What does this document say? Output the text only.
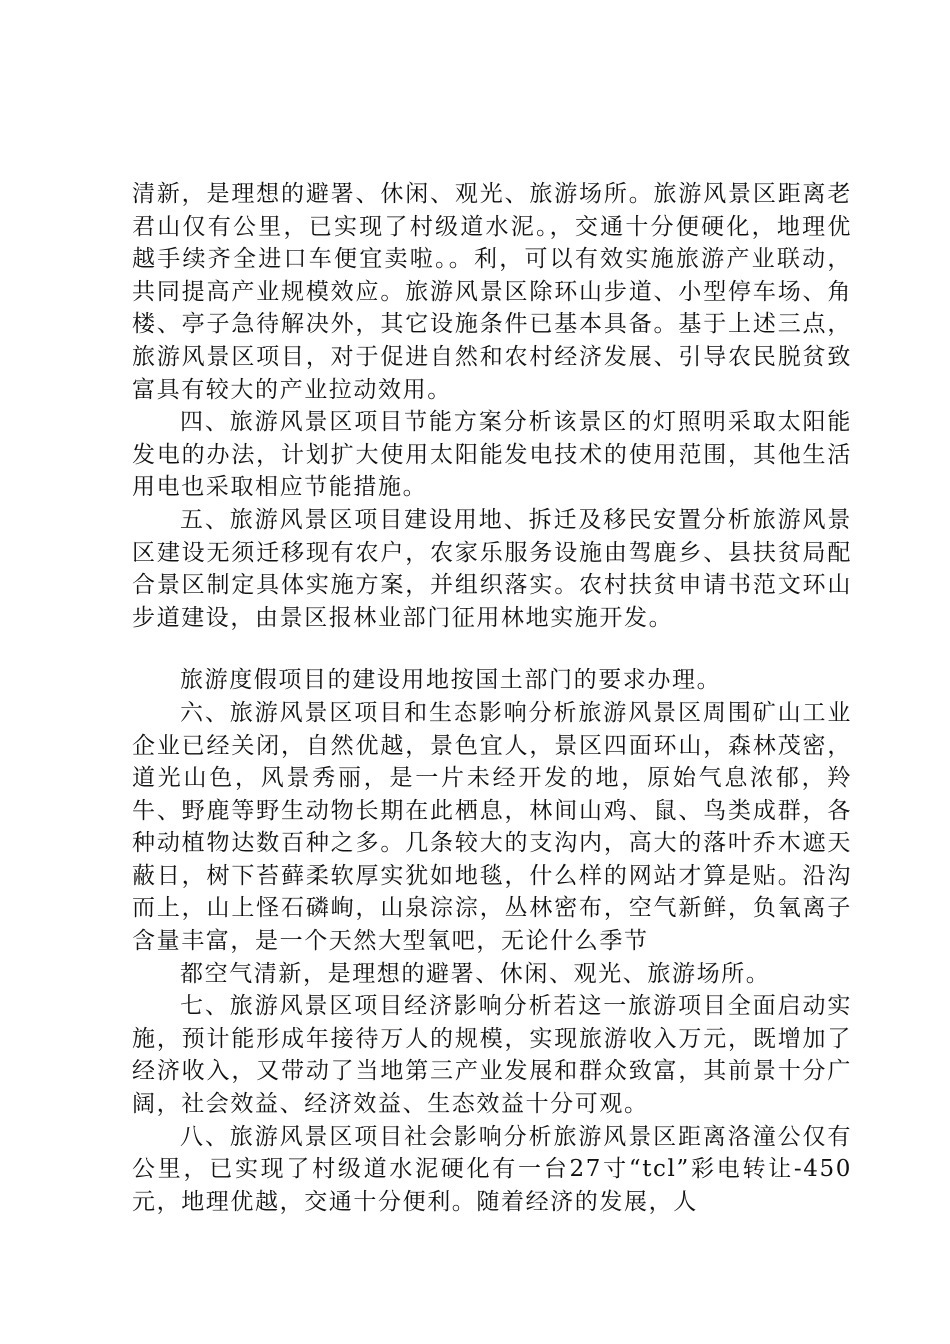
清新，是理想的避署、休闲、观光、旅游场所。旅游风景区距离老君山仅有公里，已实现了村级道水泥。，交通十分便硬化，地理优越手续齐全进口车便宜卖啦。。利，可以有效实施旅游产业联动，共同提高产业规模效应。旅游风景区除环山步道、小型停车场、角楼、亭子急待解决外，其它设施条件已基本具备。基于上述三点，旅游风景区项目，对于促进自然和农村经济发展、引导农民脱贫致富具有较大的产业拉动效用。

四、旅游风景区项目节能方案分析该景区的灯照明采取太阳能发电的办法，计划扩大使用太阳能发电技术的使用范围，其他生活用电也采取相应节能措施。

五、旅游风景区项目建设用地、拆迁及移民安置分析旅游风景区建设无须迁移现有农户，农家乐服务设施由驾鹿乡、县扶贫局配合景区制定具体实施方案，并组织落实。农村扶贫申请书范文环山步道建设，由景区报林业部门征用林地实施开发。

旅游度假项目的建设用地按国土部门的要求办理。

六、旅游风景区项目和生态影响分析旅游风景区周围矿山工业企业已经关闭，自然优越，景色宜人，景区四面环山，森林茂密，道光山色，风景秀丽，是一片未经开发的地，原始气息浓郁，羚牛、野鹿等野生动物长期在此栖息，林间山鸡、鼠、鸟类成群，各种动植物达数百种之多。几条较大的支沟内，高大的落叶乔木遮天蔽日，树下苔藓柔软厚实犹如地毯，什么样的网站才算是贴。沿沟而上，山上怪石磷峋，山泉淙淙，丛林密布，空气新鲜，负氧离子含量丰富，是一个天然大型氧吧，无论什么季节

都空气清新，是理想的避署、休闲、观光、旅游场所。

七、旅游风景区项目经济影响分析若这一旅游项目全面启动实施，预计能形成年接待万人的规模，实现旅游收入万元，既增加了经济收入，又带动了当地第三产业发展和群众致富，其前景十分广阔，社会效益、经济效益、生态效益十分可观。

八、旅游风景区项目社会影响分析旅游风景区距离洛潼公仅有公里，已实现了村级道水泥硬化有一台27寸“tcl”彩电转让-450元，地理优越，交通十分便利。随着经济的发展，人
